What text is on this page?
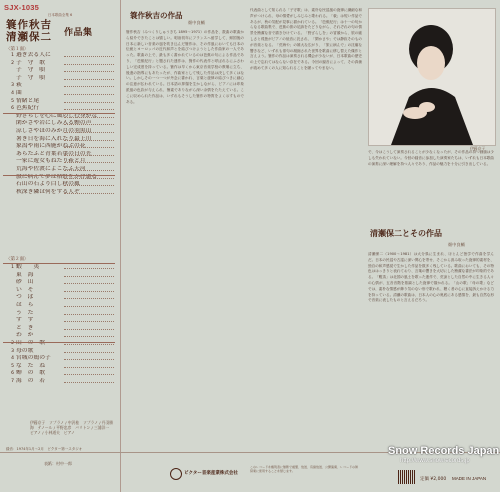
SJX-1035
日本歌曲全集 6
簑作秋吉
清瀬保二	作品集
〈第１面〉
1 過ぎ去る人に
2 子　守　歌
子　守　唄
子　守　唄
3 萩
4 曲
5 情緒と尾
6 芭蕉紀行
野ざらしを心に風のしむ身かな
閑かさや岩にしみ入る蝉の声
涼しさやほのみか月の羽黒山
暑き日を海に入れたり最上川
象潟や雨に西施がねぶの花
あらたふと青葉若葉の日の光
一家に遊女もねたり萩と月
荒海や佐渡によこたふ天河
旅に病んで夢は枯野をかけ廻る
石山の石より白し秋の風
秋深き隣は何をする人ぞ
〈第２面〉
1 蝦　　夷
東　海
砂　山
い　そ
つ　ば
は　ら
う　た
す　す
と　き
わ　か
2 山　の　歌
3 母の歌
4 宮城の鶏の子
5 な　た　ね
6 蝉　の　歌
7 海　の　若
伊藤京子　ソプラノ / 中沢桂　ソプラノ / 丹羽勝海　テノール / 平野忠彦　バリトン / 三浦洋一　ピアノ / 小林道夫　ピアノ
録音：1974年1月～2月　ビクター第一スタジオ
表紙：村中一郎
簑作秋吉の作品
畑中良輔
簑作秋吉（みつくりしゅうきち 1895～1971）の作品を、数曲の歌曲から紹介できたことは嬉しい。明治初年にフランスへ留学して、帰国後の日本に新しい音楽の風を吹き込んだ簑作は、その作風においても日本の伝統とヨーロッパの近代和声とを結びつけようとした作曲家の一人であった。歌曲の上で、最も多く書かれているのは芭蕉の句による作品であり、「芭蕉紀行」と題された連作は、簑作の代表作と呼ばれるにふさわしい完成度を持っている。簑作は早くから東京音楽学校の教壇に立ち、後進の指導にもあたったが、作曲家として残した作品は決して多くはない。しかしその一つ一つが丹念に書かれ、言葉と旋律の結びつきに細心の注意が払われている。日本語の抑揚を生かしながら、ピアノには印象派風の色彩が与えられ、簡素でありながら深い余情をたたえている。ここに収められた作品は、いずれもそうした簑作の特質をよく示すものである。
代表曲として知られる「子守歌」は、素朴な民謡風の旋律に繊細な和声がつけられ、母の情愛がしみじみと歌われる。「萩」は短い作品であるが、秋の気配が見事に描かれている。「芭蕉紀行」は十一の句からなる歌曲集で、芭蕉の旅の足跡をたどりながら、それぞれの句の情景を簡潔な音で描き分けている。「野ざらしを」の冒頭から、旅の厳しさと孤独がピアノの低音に託され、「閑かさや」では静寂そのものが音楽となる。「荒海や」の雄大な広がり、「旅に病んで」の沈痛な響きなど、いずれも俳句の凝縮された世界を歌曲に移し替えた傑作と言えよう。簑作の作品は演奏される機会が少ないが、日本歌曲の歴史の上で忘れてはならない存在である。今回の録音によって、その真価が改めて多くの人に知られることを願ってやまない。
伊藤京子
で、今はこうして演奏されることが少なくなったが、その作品の持つ価値は少しも失われていない。今回の録音に参加した演奏家たちは、いずれも日本歌曲の演奏に深い理解を持つ人々であり、作品の魅力を十分に引き出している。
清瀬保二とその作品
畑中良輔
清瀬保二（1900～1981）は大分県に生まれ、ほとんど独学で作曲を学んだ。日本の民謡や古謡に深い関心を寄せ、そこから汲み取った旋律的素材を、独自の和声感覚で生かした作品を数多く残している。歌曲においても、その特色ははっきりと表れており、言葉の響きを大切にした簡潔な書法が印象的である。「蝦夷」は北国の風土を歌った連作で、荒涼とした自然の中に生きる人々の心情が、五音音階を基調とした旋律で描かれる。「山の歌」「母の歌」などでは、素朴な情感が飾り気のない形で歌われ、聴く者の心に直接訴えかける力を持っている。清瀬の歌曲は、日本人の心の奥底にある感情を、最も自然な形で音楽に表したものと言えるだろう。
ビクター音楽産業株式会社
このレコードを権利者に無断で複製、放送、有線放送、公開演奏、レコードの賃貸業に使用することを禁じます。
定価 ¥2,000 MADE IN JAPAN
Snow Records Japan
http://www.snowrecords.jp
